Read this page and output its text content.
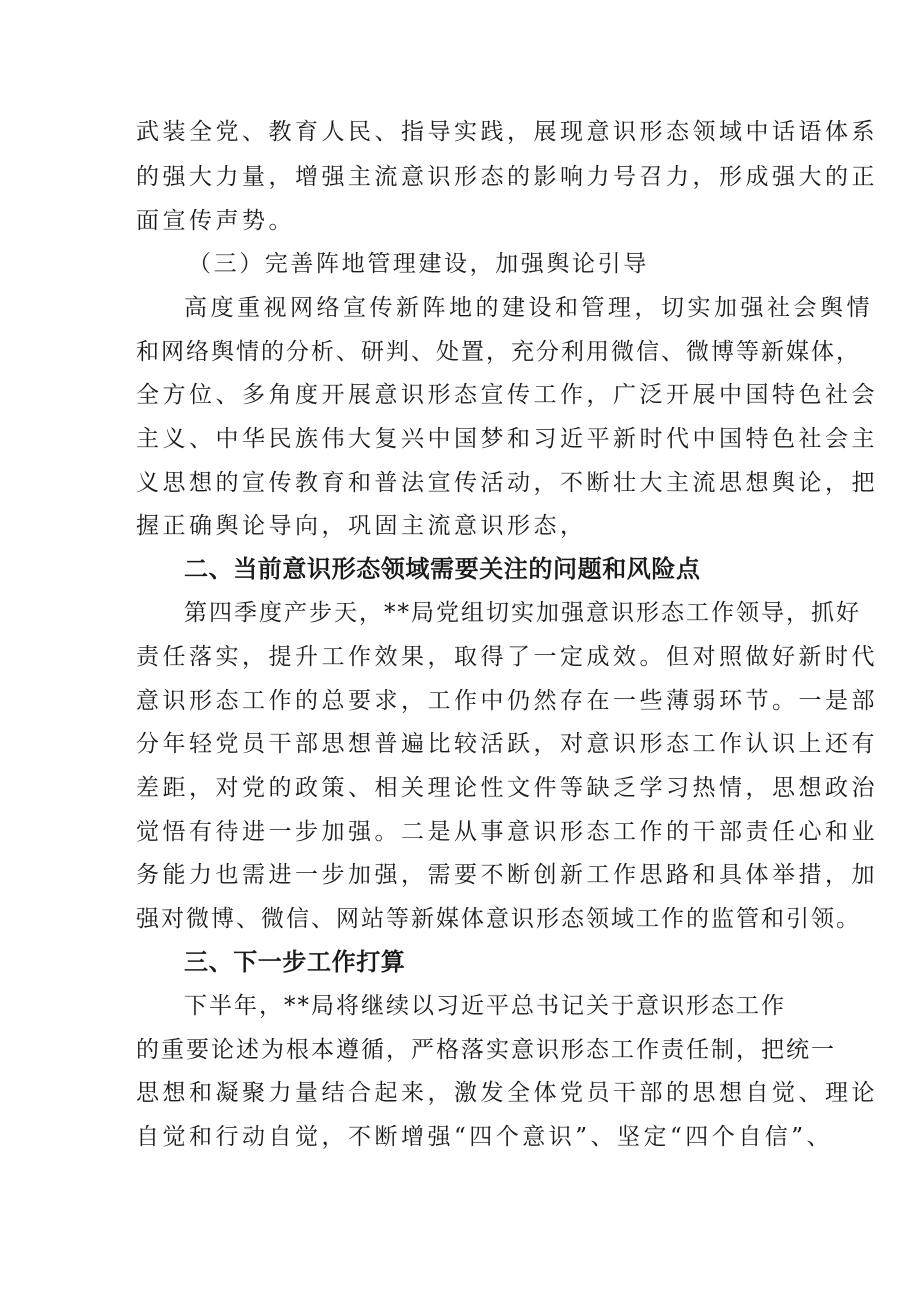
武装全党、教育人民、指导实践，展现意识形态领域中话语体系
的强大力量，增强主流意识形态的影响力号召力，形成强大的正
面宣传声势。
（三）完善阵地管理建设，加强舆论引导
高度重视网络宣传新阵地的建设和管理，切实加强社会舆情
和网络舆情的分析、研判、处置，充分利用微信、微博等新媒体，
全方位、多角度开展意识形态宣传工作，广泛开展中国特色社会
主义、中华民族伟大复兴中国梦和习近平新时代中国特色社会主
义思想的宣传教育和普法宣传活动，不断壮大主流思想舆论，把
握正确舆论导向，巩固主流意识形态，
二、当前意识形态领域需要关注的问题和风险点
第四季度产步天，**局党组切实加强意识形态工作领导，抓好
责任落实，提升工作效果，取得了一定成效。但对照做好新时代
意识形态工作的总要求，工作中仍然存在一些薄弱环节。一是部
分年轻党员干部思想普遍比较活跃，对意识形态工作认识上还有
差距，对党的政策、相关理论性文件等缺乏学习热情，思想政治
觉悟有待进一步加强。二是从事意识形态工作的干部责任心和业
务能力也需进一步加强，需要不断创新工作思路和具体举措，加
强对微博、微信、网站等新媒体意识形态领域工作的监管和引领。
三、下一步工作打算
下半年，**局将继续以习近平总书记关于意识形态工作
的重要论述为根本遵循，严格落实意识形态工作责任制，把统一
思想和凝聚力量结合起来，激发全体党员干部的思想自觉、理论
自觉和行动自觉，不断增强“四个意识”、坚定“四个自信”、
